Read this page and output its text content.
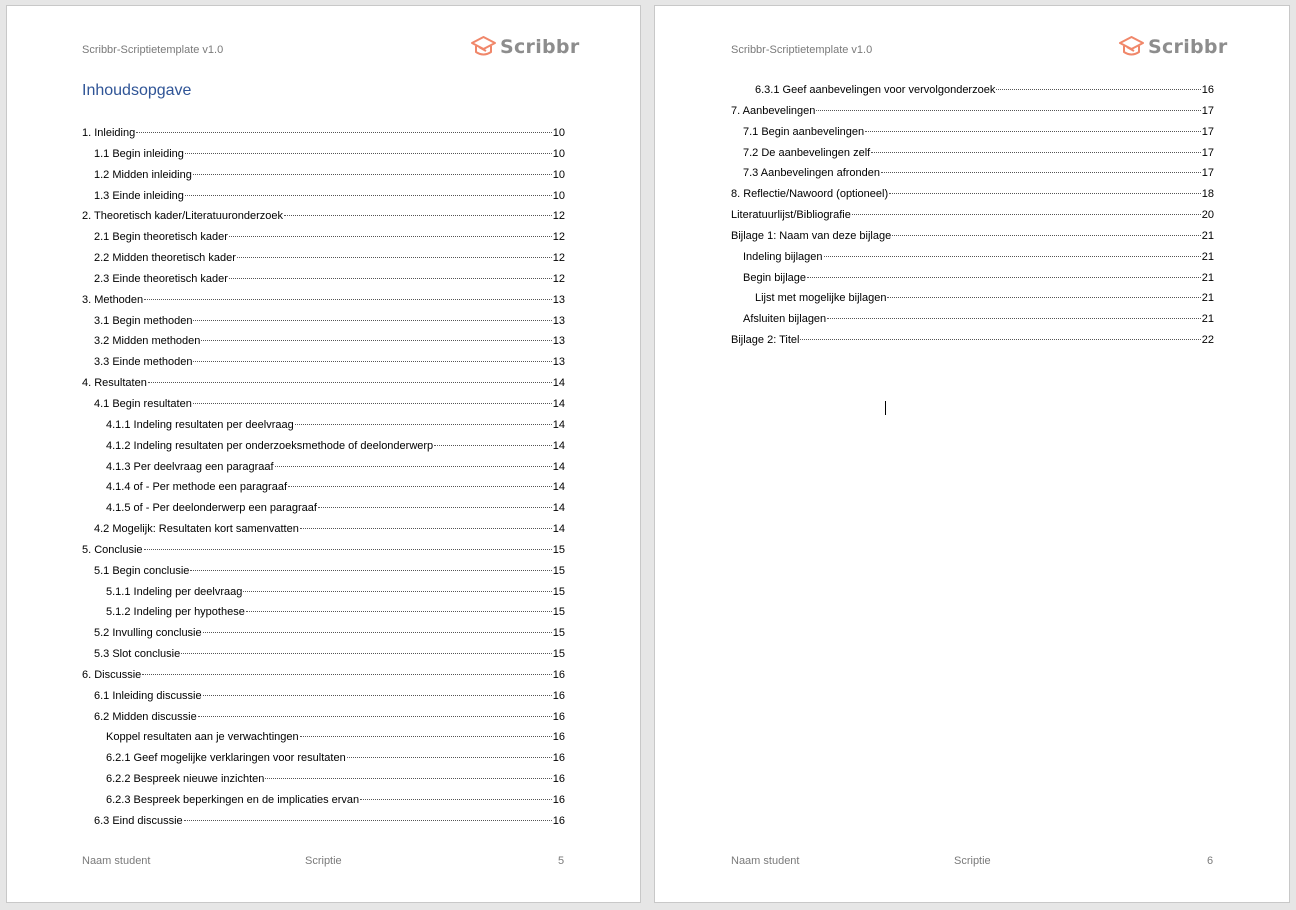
Scribbr-Scriptietemplate v1.0	Scribbr
Inhoudsopgave
1. Inleiding	10
1.1 Begin inleiding	10
1.2 Midden inleiding	10
1.3 Einde inleiding	10
2. Theoretisch kader/Literatuuronderzoek	12
2.1 Begin theoretisch kader	12
2.2 Midden theoretisch kader	12
2.3 Einde theoretisch kader	12
3. Methoden	13
3.1 Begin methoden	13
3.2 Midden methoden	13
3.3 Einde methoden	13
4. Resultaten	14
4.1 Begin resultaten	14
4.1.1 Indeling resultaten per deelvraag	14
4.1.2 Indeling resultaten per onderzoeksmethode of deelonderwerp	14
4.1.3 Per deelvraag een paragraaf	14
4.1.4 of - Per methode een paragraaf	14
4.1.5 of - Per deelonderwerp een paragraaf	14
4.2 Mogelijk: Resultaten kort samenvatten	14
5. Conclusie	15
5.1 Begin conclusie	15
5.1.1 Indeling per deelvraag	15
5.1.2 Indeling per hypothese	15
5.2 Invulling conclusie	15
5.3 Slot conclusie	15
6. Discussie	16
6.1 Inleiding discussie	16
6.2 Midden discussie	16
Koppel resultaten aan je verwachtingen	16
6.2.1 Geef mogelijke verklaringen voor resultaten	16
6.2.2 Bespreek nieuwe inzichten	16
6.2.3 Bespreek beperkingen en de implicaties ervan	16
6.3 Eind discussie	16
Naam student	Scriptie	5
Scribbr-Scriptietemplate v1.0	Scribbr
6.3.1 Geef aanbevelingen voor vervolgonderzoek	16
7. Aanbevelingen	17
7.1 Begin aanbevelingen	17
7.2 De aanbevelingen zelf	17
7.3 Aanbevelingen afronden	17
8. Reflectie/Nawoord (optioneel)	18
Literatuurlijst/Bibliografie	20
Bijlage 1: Naam van deze bijlage	21
Indeling bijlagen	21
Begin bijlage	21
Lijst met mogelijke bijlagen	21
Afsluiten bijlagen	21
Bijlage 2: Titel	22
Naam student	Scriptie	6
